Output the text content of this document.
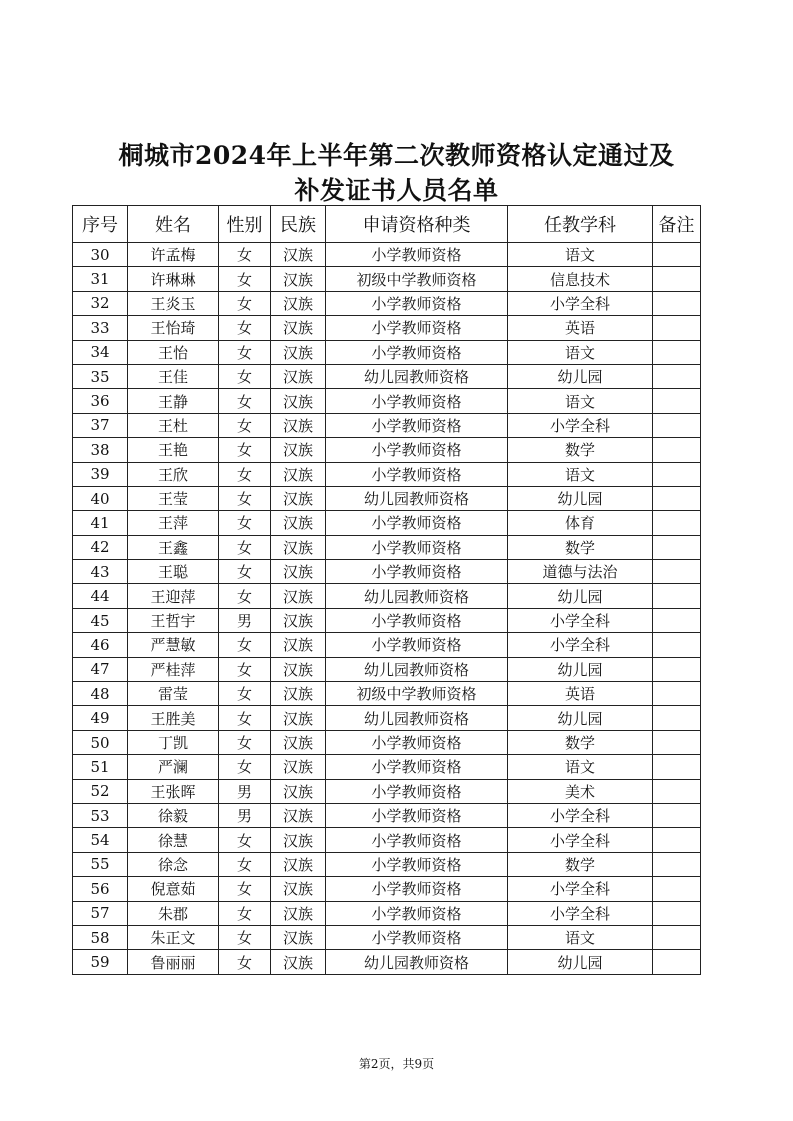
桐城市2024年上半年第二次教师资格认定通过及
补发证书人员名单
序号	姓名	性别	民族	申请资格种类	任教学科	备注
30	许孟梅	女	汉族	小学教师资格	语文	
31	许琳琳	女	汉族	初级中学教师资格	信息技术	
32	王炎玉	女	汉族	小学教师资格	小学全科	
33	王怡琦	女	汉族	小学教师资格	英语	
34	王怡	女	汉族	小学教师资格	语文	
35	王佳	女	汉族	幼儿园教师资格	幼儿园	
36	王静	女	汉族	小学教师资格	语文	
37	王杜	女	汉族	小学教师资格	小学全科	
38	王艳	女	汉族	小学教师资格	数学	
39	王欣	女	汉族	小学教师资格	语文	
40	王莹	女	汉族	幼儿园教师资格	幼儿园	
41	王萍	女	汉族	小学教师资格	体育	
42	王鑫	女	汉族	小学教师资格	数学	
43	王聪	女	汉族	小学教师资格	道德与法治	
44	王迎萍	女	汉族	幼儿园教师资格	幼儿园	
45	王哲宇	男	汉族	小学教师资格	小学全科	
46	严慧敏	女	汉族	小学教师资格	小学全科	
47	严桂萍	女	汉族	幼儿园教师资格	幼儿园	
48	雷莹	女	汉族	初级中学教师资格	英语	
49	王胜美	女	汉族	幼儿园教师资格	幼儿园	
50	丁凯	女	汉族	小学教师资格	数学	
51	严澜	女	汉族	小学教师资格	语文	
52	王张晖	男	汉族	小学教师资格	美术	
53	徐毅	男	汉族	小学教师资格	小学全科	
54	徐慧	女	汉族	小学教师资格	小学全科	
55	徐念	女	汉族	小学教师资格	数学	
56	倪意茹	女	汉族	小学教师资格	小学全科	
57	朱郡	女	汉族	小学教师资格	小学全科	
58	朱正文	女	汉族	小学教师资格	语文	
59	鲁丽丽	女	汉族	幼儿园教师资格	幼儿园	
第2页，共9页
